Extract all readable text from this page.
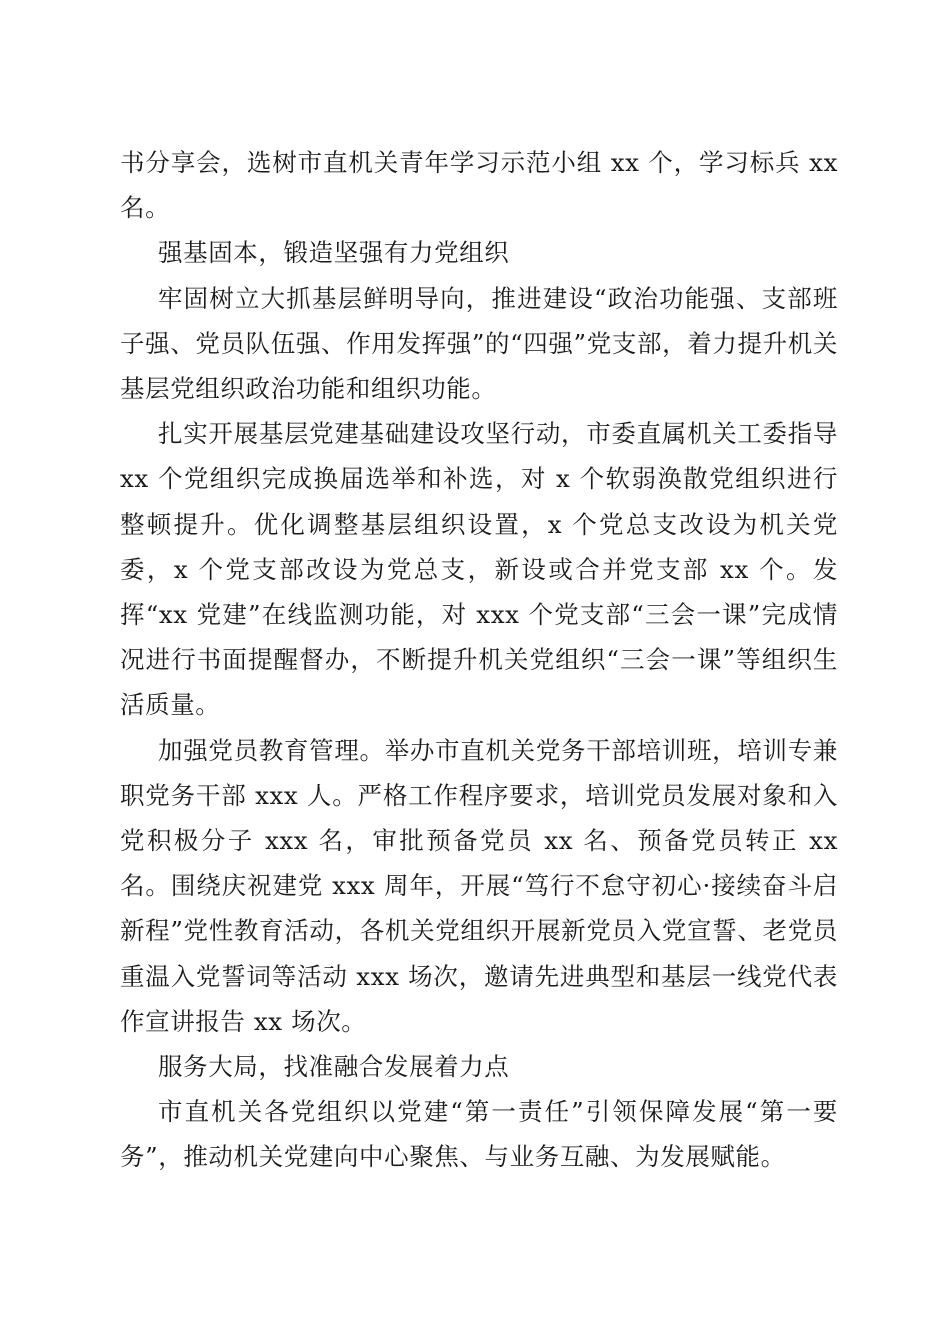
书分享会，选树市直机关青年学习示范小组 xx 个，学习标兵 xx 名。

强基固本，锻造坚强有力党组织

牢固树立大抓基层鲜明导向，推进建设“政治功能强、支部班子强、党员队伍强、作用发挥强”的“四强”党支部，着力提升机关基层党组织政治功能和组织功能。

扎实开展基层党建基础建设攻坚行动，市委直属机关工委指导 xx 个党组织完成换届选举和补选，对 x 个软弱涣散党组织进行整顿提升。优化调整基层组织设置，x 个党总支改设为机关党委，x 个党支部改设为党总支，新设或合并党支部 xx 个。发挥“xx 党建”在线监测功能，对 xxx 个党支部“三会一课”完成情况进行书面提醒督办，不断提升机关党组织“三会一课”等组织生活质量。

加强党员教育管理。举办市直机关党务干部培训班，培训专兼职党务干部 xxx 人。严格工作程序要求，培训党员发展对象和入党积极分子 xxx 名，审批预备党员 xx 名、预备党员转正 xx 名。围绕庆祝建党 xxx 周年，开展“笃行不怠守初心·接续奋斗启新程”党性教育活动，各机关党组织开展新党员入党宣誓、老党员重温入党誓词等活动 xxx 场次，邀请先进典型和基层一线党代表作宣讲报告 xx 场次。

服务大局，找准融合发展着力点

市直机关各党组织以党建“第一责任”引领保障发展“第一要务”，推动机关党建向中心聚焦、与业务互融、为发展赋能。
